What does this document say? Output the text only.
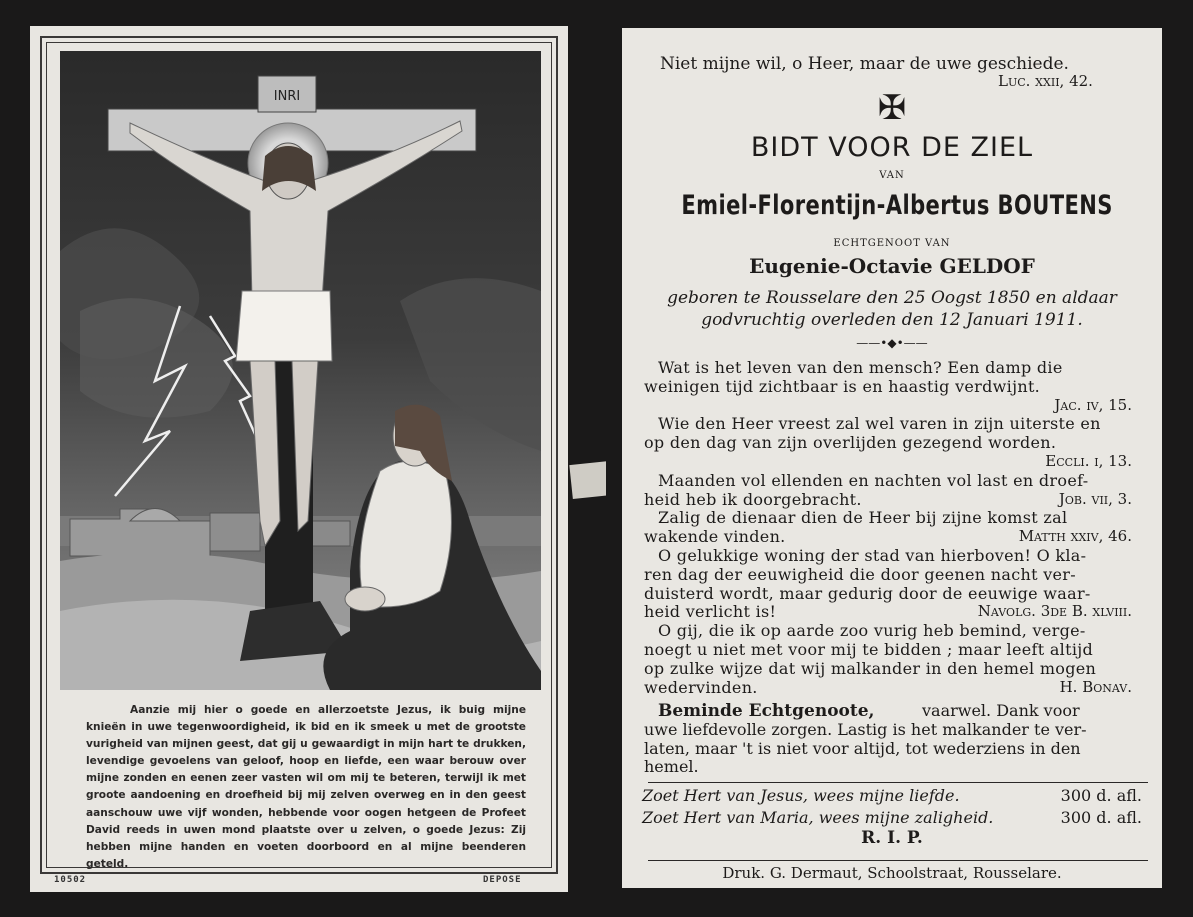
INRI
Aanzie mij hier o goede en allerzoetste Jezus, ik buig mijne knieën in uwe tegenwoordigheid, ik bid en ik smeek u met de grootste vurigheid van mijnen geest, dat gij u gewaardigt in mijn hart te drukken, levendige gevoelens van geloof, hoop en liefde, een waar berouw over mijne zonden en eenen zeer vasten wil om mij te beteren, terwijl ik met groote aandoening en droefheid bij mij zelven overweg en in den geest aanschouw uwe vijf wonden, hebbende voor oogen hetgeen de Profeet David reeds in uwen mond plaatste over u zelven, o goede Jezus: Zij hebben mijne handen en voeten doorboord en al mijne beenderen geteld.
10502	DEPOSE
Niet mijne wil, o Heer, maar de uwe geschiede.
Luc. xxii, 42.
✠
BIDT VOOR DE ZIEL
VAN
Emiel-Florentijn-Albertus BOUTENS
ECHTGENOOT VAN
Eugenie-Octavie GELDOF
geboren te Rousselare den 25 Oogst 1850 en aldaar
godvruchtig overleden den 12 Januari 1911.
——•◆•——
Wat is het leven van den mensch? Een damp die
weinigen tijd zichtbaar is en haastig verdwijnt.
Jac. iv, 15.
Wie den Heer vreest zal wel varen in zijn uiterste en
op den dag van zijn overlijden gezegend worden.
Eccli. i, 13.
Maanden vol ellenden en nachten vol last en droef-
heid heb ik doorgebracht.	Job. vii, 3.
Zalig de dienaar dien de Heer bij zijne komst zal
wakende vinden.	Matth xxiv, 46.
O gelukkige woning der stad van hierboven! O kla-
ren dag der eeuwigheid die door geenen nacht ver-
duisterd wordt, maar gedurig door de eeuwige waar-
heid verlicht is!	Navolg. 3de B. xlviii.
O gij, die ik op aarde zoo vurig heb bemind, verge-
noegt u niet met voor mij te bidden ; maar leeft altijd
op zulke wijze dat wij malkander in den hemel mogen
wedervinden.	H. Bonav.
Beminde Echtgenoote,	vaarwel. Dank voor
uwe liefdevolle zorgen. Lastig is het malkander te ver-
laten, maar 't is niet voor altijd, tot wederziens in den
hemel.
Zoet Hert van Jesus, wees mijne liefde.	300 d. afl.
Zoet Hert van Maria, wees mijne zaligheid.	300 d. afl.
R. I. P.
Druk. G. Dermaut, Schoolstraat, Rousselare.
